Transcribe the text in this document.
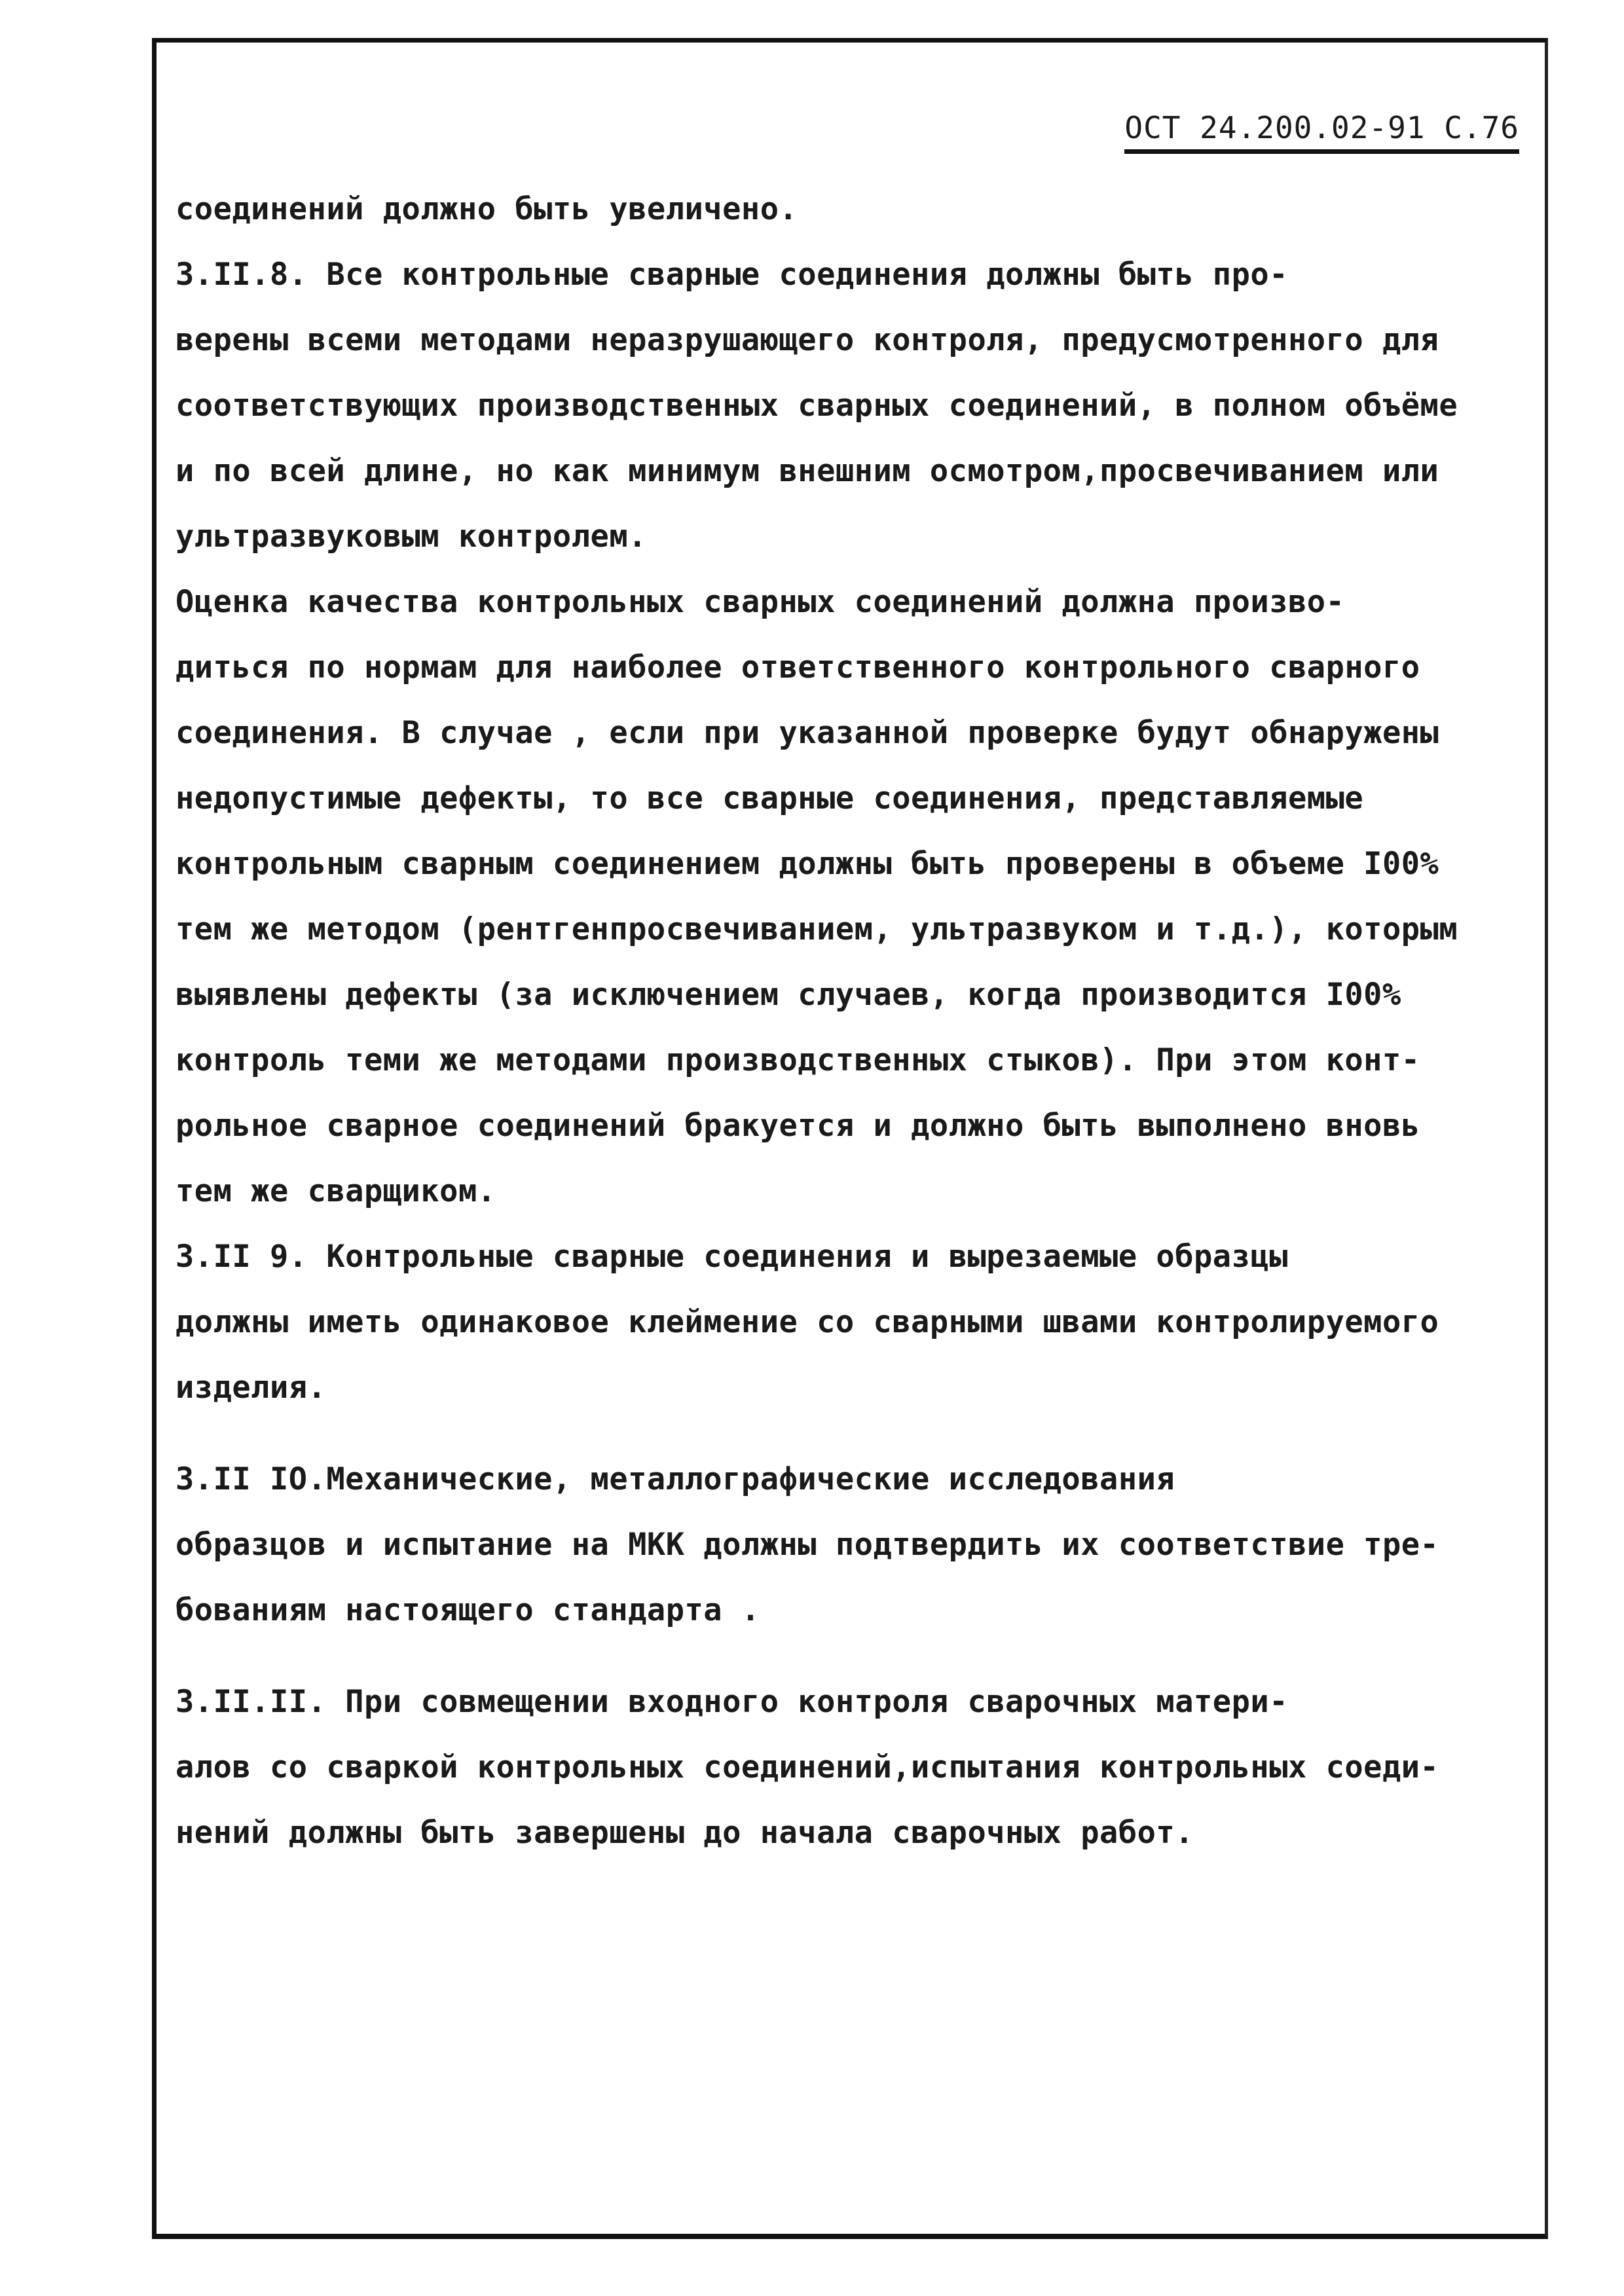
ОСТ 24.200.02-91 С.76
соединений должно быть увеличено.
3.II.8. Все контрольные сварные соединения должны быть про-
верены всеми методами неразрушающего контроля, предусмотренного для
соответствующих производственных сварных соединений, в полном объёме
и по всей длине, но как минимум внешним осмотром,просвечиванием или
ультразвуковым контролем.
Оценка качества контрольных сварных соединений должна произво-
диться по нормам для наиболее ответственного контрольного сварного
соединения. В случае , если при указанной проверке будут обнаружены
недопустимые дефекты, то все сварные соединения, представляемые
контрольным сварным соединением должны быть проверены в объеме I00%
тем же методом (рентгенпросвечиванием, ультразвуком и т.д.), которым
выявлены дефекты (за исключением случаев, когда производится I00%
контроль теми же методами производственных стыков). При этом конт-
рольное сварное соединений бракуется и должно быть выполнено вновь
тем же сварщиком.
3.II 9. Контрольные сварные соединения и вырезаемые образцы
должны иметь одинаковое клеймение со сварными швами контролируемого
изделия.
3.II IO.Механические, металлографические исследования
образцов и испытание на МКК должны подтвердить их соответствие тре-
бованиям настоящего стандарта .
3.II.II. При совмещении входного контроля сварочных матери-
алов со сваркой контрольных соединений,испытания контрольных соеди-
нений должны быть завершены до начала сварочных работ.
